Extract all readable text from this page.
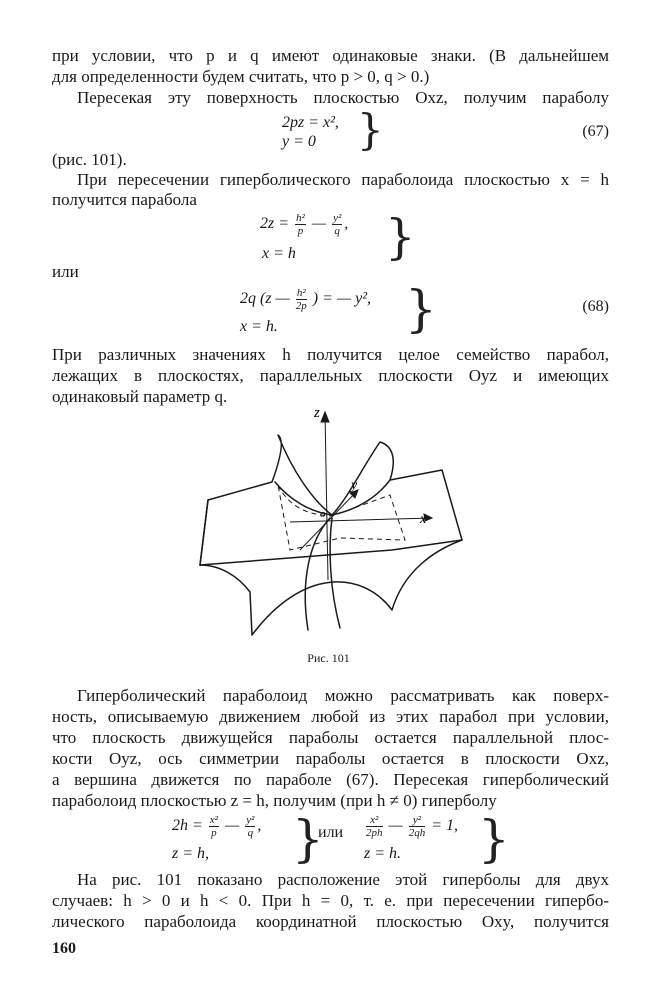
при условии, что p и q имеют одинаковые знаки. (В дальнейшем
для определенности будем считать, что p > 0, q > 0.)
Пересекая эту поверхность плоскостью Oxz, получим параболу
2pz = x²,
y = 0 }	(67)
(рис. 101).
При пересечении гиперболического параболоида плоскостью x = h
получится парабола
$2z = \frac{\text{h²}}{p}$ — $\frac{\text{y²}}{q}$ ,
x = h }
или
2q (z — $\frac{\text{h²}}{2p}$ ) = — y²,
x = h.	}	(68)
При различных значениях h получится целое семейство парабол,
лежащих в плоскостях, параллельных плоскости Oyz и имеющих
одинаковый параметр q.
z
y
x
o
Рис. 101
Гиперболический параболоид можно рассматривать как поверх-
ность, описываемую движением любой из этих парабол при условии,
что плоскость движущейся параболы остается параллельной плос-
кости Oyz, ось симметрии параболы остается в плоскости Oxz,
а вершина движется по параболе (67). Пересекая гиперболический
параболоид плоскостью z = h, получим (при h ≠ 0) гиперболу
$2h = \frac{\text{x²}}{p}$ — $\frac{\text{y²}}{q}$ ,
z = h, }
или $\frac{\text{x²}}{2ph}$ — $\frac{\text{y²}}{2qh} = 1$,
z = h. }
На рис. 101 показано расположение этой гиперболы для двух
случаев: h > 0 и h < 0. При h = 0, т. е. при пересечении гипербо-
лического параболоида координатной плоскостью Oxy, получится
160
